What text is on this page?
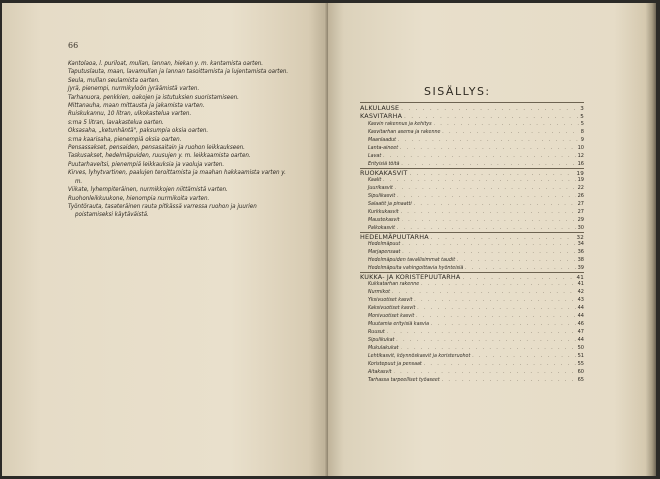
66
Kantolaoa, l. puriloat, mullan, lannan, hiekan y. m. kantamista oarten.
Taputuslauta, maan, lavamullan ja lannan tasoittamista ja lujentamista oarten.
Seula, mullan seulamista oarten.
Jyrä, pienempi, nurmikyloön jyräämistä varten.
Tarhanuora, penkkien, oakojen ja istutuksien suoristamiseen.
Mittanauha, maan mittausta ja jakamista varten.
Ruiskukannu, 10 litran, ulkokastelua varten.
s:ma 5 litran, lavakastelua oarten.
Oksasaha, „ketunhäntä", paksumpia oksia oarten.
s:ma kaarisaha, pienempiä oksia oarten.
Pensassakset, pensaiden, pensasaitain ja ruohon leikkaukseen.
Taskusakset, hedelmäpuiden, ruusujen y. m. leikkaamista oarten.
Puutarhaveitsi, pienempiä leikkauksia ja vaoluja varten.
Kirves, lyhytvartinen, paalujen teroittamista ja maahan hakkaamista varten y. m.
Viikate, lyhempiteräinen, nurmikkojen niittämistä varten.
Ruohonleikkuukone, hienompia nurmikoita varten.
Työntörauta, tasateräinen rauta pitkässä varressa ruohon ja juurien poistamiseksi käytäväistä.
SISÄLLYS:
ALKULAUSE . . .	3
KASVITARHA . . .	5
Kasvin rakennus ja kehitys . . .	5
Kasvitarhan asema ja rakenne . . .	8
Maanlaadut . . .	9
Lanta-aineet . . .	10
Lavat . . .	12
Erityisiä töitä . . .	16
RUOKAKASVIT . . .	19
Kaalit . . .	19
Juurikasvit . . .	22
Sipulikasvit . . .	26
Salaatit ja pinaatti . . .	27
Kurkkukasvit . . .	27
Maustekasvit . . .	29
Palkokasvit . . .	30
HEDELMÄPUUTARHA . . .	32
Hedelmäpuut . . .	34
Marjapensaat . . .	36
Hedelmäpuiden tavallisimmat taudit . . .	38
Hedelmäpuita vahingoittavia hyönteisiä . . .	39
KUKKA- JA KORISTEPUUTARHA . . .	41
Kukkatarhan rakenne . . .	41
Nurmikot . . .	42
Yksivuotiset kasvit . . .	43
Kaksivuotiset kasvit . . .	44
Monivuotiset kasvit . . .	44
Muutamia erityisiä kasvia . . .	46
Ruusut . . .	47
Sipulikukat . . .	44
Mukulakukat . . .	50
Lehtikasvit, köynnöskasvit ja koristeruohot . . .	51
Koristepuut ja pensaat . . .	55
Aitakasvit . . .	60
Tarhassa tarpeelliset työaseet . . .	65
